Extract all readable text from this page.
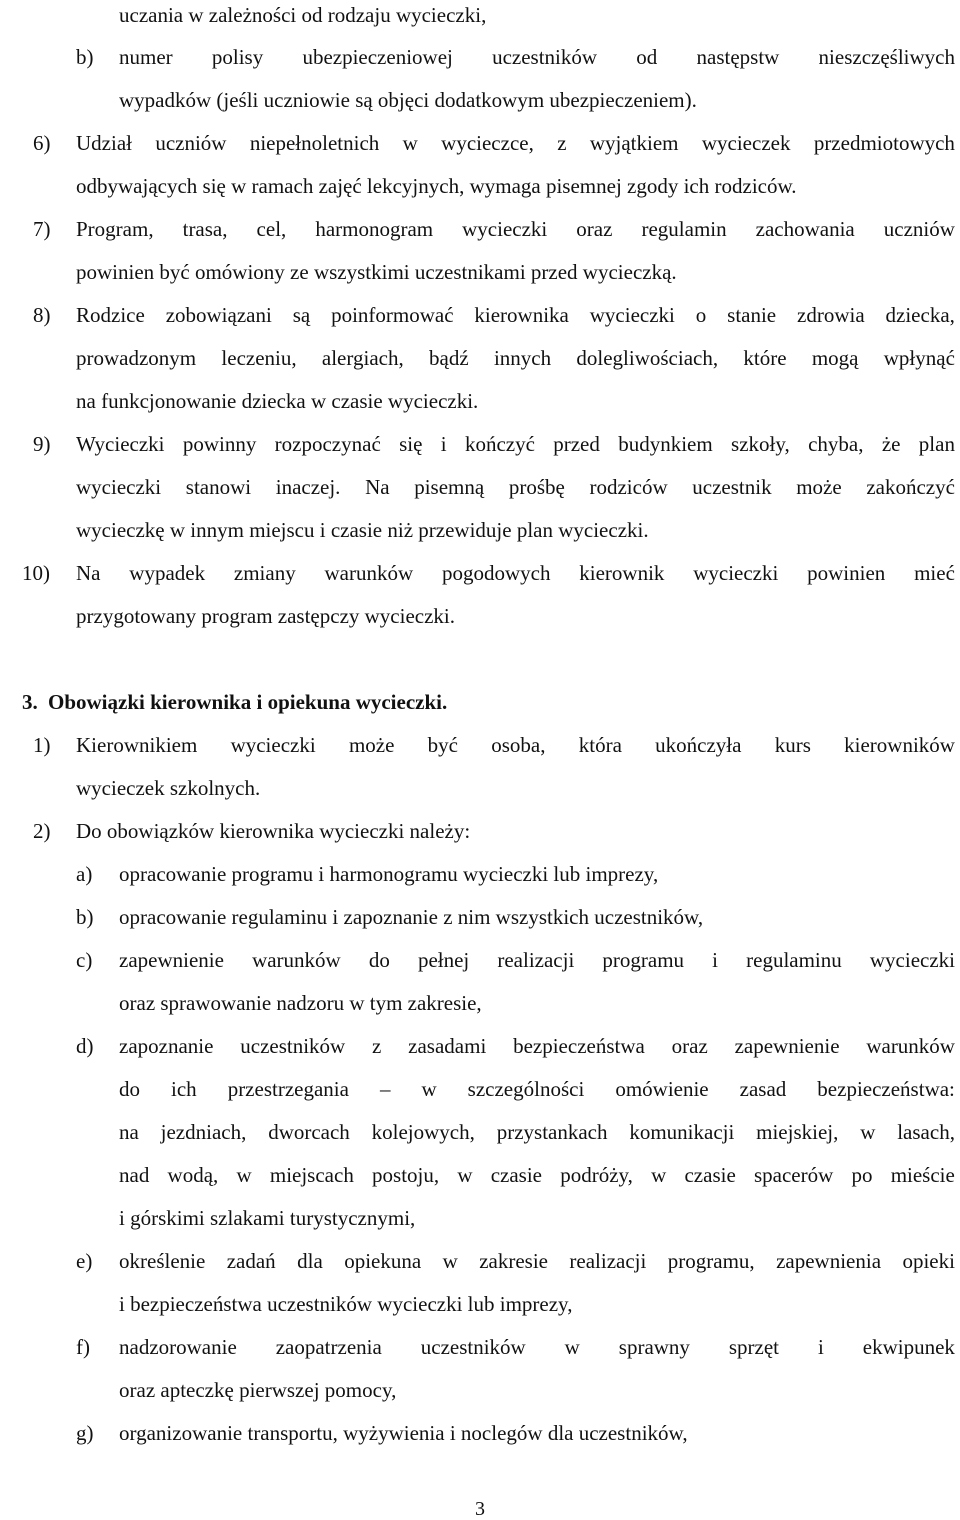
uczania w zależności od rodzaju wycieczki,
b) numer polisy ubezpieczeniowej uczestników od następstw nieszczęśliwych
wypadków (jeśli uczniowie są objęci dodatkowym ubezpieczeniem).
6) Udział uczniów niepełnoletnich w wycieczce, z wyjątkiem wycieczek przedmiotowych
odbywających się w ramach zajęć lekcyjnych, wymaga pisemnej zgody ich rodziców.
7) Program, trasa, cel, harmonogram wycieczki oraz regulamin zachowania uczniów
powinien być omówiony ze wszystkimi uczestnikami przed wycieczką.
8) Rodzice zobowiązani są poinformować kierownika wycieczki o stanie zdrowia dziecka,
prowadzonym leczeniu, alergiach, bądź innych dolegliwościach, które mogą wpłynąć
na funkcjonowanie dziecka w czasie wycieczki.
9) Wycieczki powinny rozpoczynać się i kończyć przed budynkiem szkoły, chyba, że plan
wycieczki stanowi inaczej. Na pisemną prośbę rodziców uczestnik może zakończyć
wycieczkę w innym miejscu i czasie niż przewiduje plan wycieczki.
10) Na wypadek zmiany warunków pogodowych kierownik wycieczki powinien mieć
przygotowany program zastępczy wycieczki.
3. Obowiązki kierownika i opiekuna wycieczki.
1) Kierownikiem wycieczki może być osoba, która ukończyła kurs kierowników
wycieczek szkolnych.
2) Do obowiązków kierownika wycieczki należy:
a) opracowanie programu i harmonogramu wycieczki lub imprezy,
b) opracowanie regulaminu i zapoznanie z nim wszystkich uczestników,
c) zapewnienie warunków do pełnej realizacji programu i regulaminu wycieczki
oraz sprawowanie nadzoru w tym zakresie,
d) zapoznanie uczestników z zasadami bezpieczeństwa oraz zapewnienie warunków
do ich przestrzegania – w szczególności omówienie zasad bezpieczeństwa:
na jezdniach, dworcach kolejowych, przystankach komunikacji miejskiej, w lasach,
nad wodą, w miejscach postoju, w czasie podróży, w czasie spacerów po mieście
i górskimi szlakami turystycznymi,
e) określenie zadań dla opiekuna w zakresie realizacji programu, zapewnienia opieki
i bezpieczeństwa uczestników wycieczki lub imprezy,
f) nadzorowanie zaopatrzenia uczestników w sprawny sprzęt i ekwipunek
oraz apteczkę pierwszej pomocy,
g) organizowanie transportu, wyżywienia i noclegów dla uczestników,
3
